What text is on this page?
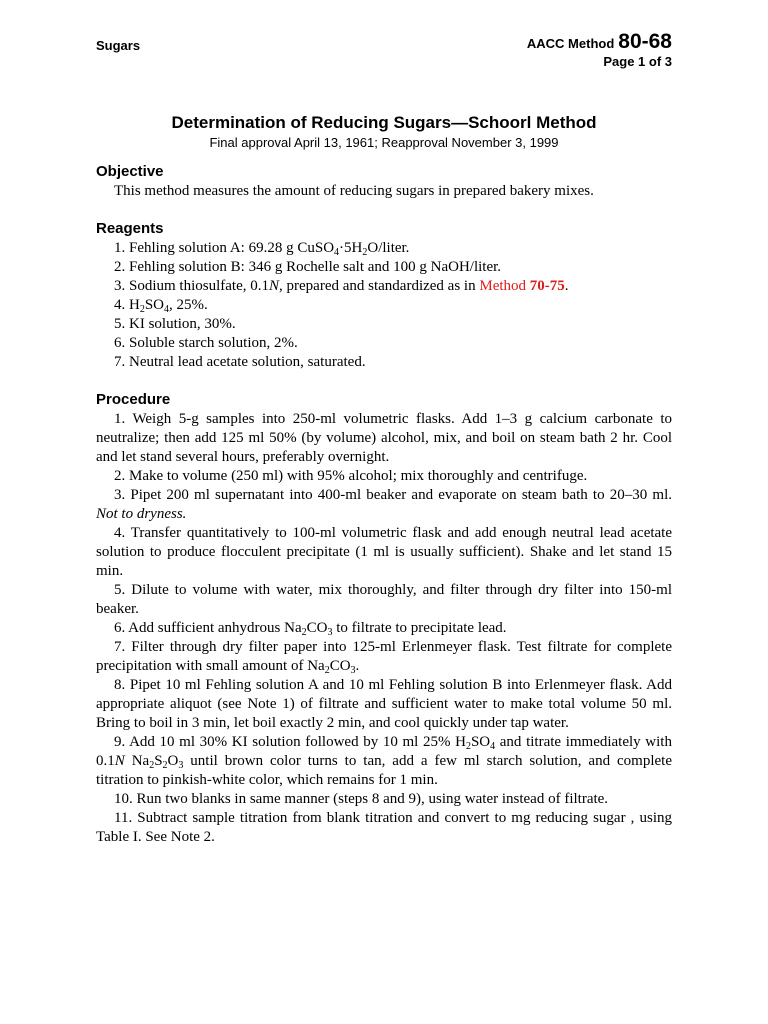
Sugars	AACC Method 80-68
Page 1 of 3
Determination of Reducing Sugars—Schoorl Method
Final approval April 13, 1961; Reapproval November 3, 1999
Objective

This method measures the amount of reducing sugars in prepared bakery mixes.

Reagents
1. Fehling solution A: 69.28 g $CuSO_4\cdot 5H_2O$/liter.
2. Fehling solution B: 346 g Rochelle salt and 100 g NaOH/liter.
3. Sodium thiosulfate, 0.1N, prepared and standardized as in Method 70-75.
4. $H_2SO_4$, 25%.
5. KI solution, 30%.
6. Soluble starch solution, 2%.
7. Neutral lead acetate solution, saturated.
Procedure

1. Weigh 5-g samples into 250-ml volumetric flasks. Add 1–3 g calcium carbonate to neutralize; then add 125 ml 50% (by volume) alcohol, mix, and boil on steam bath 2 hr. Cool and let stand several hours, preferably overnight.

2. Make to volume (250 ml) with 95% alcohol; mix thoroughly and centrifuge.

3. Pipet 200 ml supernatant into 400-ml beaker and evaporate on steam bath to 20–30 ml. Not to dryness.

4. Transfer quantitatively to 100-ml volumetric flask and add enough neutral lead acetate solution to produce flocculent precipitate (1 ml is usually sufficient). Shake and let stand 15 min.

5. Dilute to volume with water, mix thoroughly, and filter through dry filter into 150-ml beaker.

6. Add sufficient anhydrous $Na_2CO_3$ to filtrate to precipitate lead.

7. Filter through dry filter paper into 125-ml Erlenmeyer flask. Test filtrate for complete precipitation with small amount of $Na_2CO_3$.

8. Pipet 10 ml Fehling solution A and 10 ml Fehling solution B into Erlenmeyer flask. Add appropriate aliquot (see Note 1) of filtrate and sufficient water to make total volume 50 ml. Bring to boil in 3 min, let boil exactly 2 min, and cool quickly under tap water.

9. Add 10 ml 30% KI solution followed by 10 ml 25% $H_2SO_4$ and titrate immediately with 0.1N $Na_2S_2O_3$ until brown color turns to tan, add a few ml starch solution, and complete titration to pinkish-white color, which remains for 1 min.

10. Run two blanks in same manner (steps 8 and 9), using water instead of filtrate.

11. Subtract sample titration from blank titration and convert to mg reducing sugar , using Table I. See Note 2.
